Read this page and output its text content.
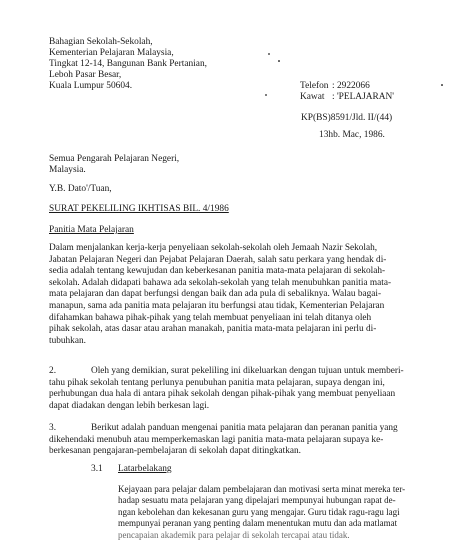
Bahagian Sekolah-Sekolah,
Kementerian Pelajaran Malaysia,
Tingkat 12-14, Bangunan Bank Pertanian,
Leboh Pasar Besar,
Kuala Lumpur 50604.	Telefon : 2922066
Kawat : 'PELAJARAN'
KP(BS)8591/Jld. II/(44)
13hb. Mac, 1986.
Semua Pengarah Pelajaran Negeri,
Malaysia.
Y.B. Dato'/Tuan,
SURAT PEKELILING IKHTISAS BIL. 4/1986
Panitia Mata Pelajaran
Dalam menjalankan kerja-kerja penyeliaan sekolah-sekolah oleh Jemaah Nazir Sekolah,
Jabatan Pelajaran Negeri dan Pejabat Pelajaran Daerah, salah satu perkara yang hendak di-
sedia adalah tentang kewujudan dan keberkesanan panitia mata-mata pelajaran di sekolah-
sekolah. Adalah didapati bahawa ada sekolah-sekolah yang telah menubuhkan panitia mata-
mata pelajaran dan dapat berfungsi dengan baik dan ada pula di sebaliknya. Walau bagai-
manapun, sama ada panitia mata pelajaran itu berfungsi atau tidak, Kementerian Pelajaran
difahamkan bahawa pihak-pihak yang telah membuat penyeliaan ini telah ditanya oleh
pihak sekolah, atas dasar atau arahan manakah, panitia mata-mata pelajaran ini perlu di-
tubuhkan.
2.	Oleh yang demikian, surat pekeliling ini dikeluarkan dengan tujuan untuk memberi-
tahu pihak sekolah tentang perlunya penubuhan panitia mata pelajaran, supaya dengan ini,
perhubungan dua hala di antara pihak sekolah dengan pihak-pihak yang membuat penyeliaan
dapat diadakan dengan lebih berkesan lagi.
3.	Berikut adalah panduan mengenai panitia mata pelajaran dan peranan panitia yang
dikehendaki menubuh atau memperkemaskan lagi panitia mata-mata pelajaran supaya ke-
berkesanan pengajaran-pembelajaran di sekolah dapat ditingkatkan.
3.1 Latarbelakang
Kejayaan para pelajar dalam pembelajaran dan motivasi serta minat mereka ter-
hadap sesuatu mata pelajaran yang dipelajari mempunyai hubungan rapat de-
ngan kebolehan dan kekesanan guru yang mengajar. Guru tidak ragu-ragu lagi
mempunyai peranan yang penting dalam menentukan mutu dan ada matlamat
pencapaian akademik para pelajar di sekolah tercapai atau tidak.
